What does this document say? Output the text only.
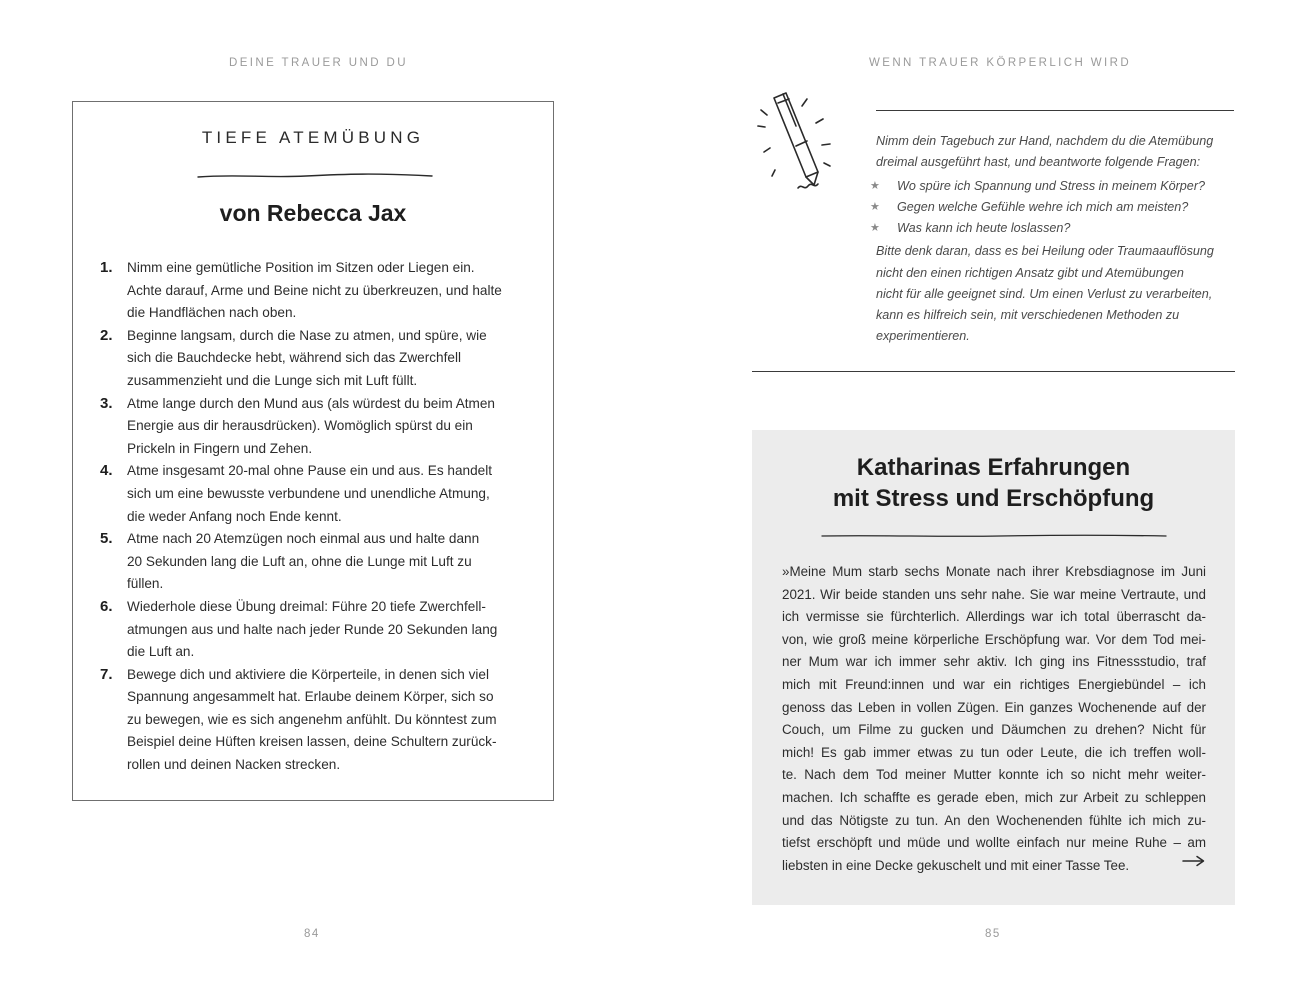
DEINE TRAUER UND DU
TIEFE ATEMÜBUNG
von Rebecca Jax
1. Nimm eine gemütliche Position im Sitzen oder Liegen ein.
Achte darauf, Arme und Beine nicht zu überkreuzen, und halte
die Handflächen nach oben.
2. Beginne langsam, durch die Nase zu atmen, und spüre, wie
sich die Bauchdecke hebt, während sich das Zwerchfell
zusammenzieht und die Lunge sich mit Luft füllt.
3. Atme lange durch den Mund aus (als würdest du beim Atmen
Energie aus dir herausdrücken). Womöglich spürst du ein
Prickeln in Fingern und Zehen.
4. Atme insgesamt 20-mal ohne Pause ein und aus. Es handelt
sich um eine bewusste verbundene und unendliche Atmung,
die weder Anfang noch Ende kennt.
5. Atme nach 20 Atemzügen noch einmal aus und halte dann
20 Sekunden lang die Luft an, ohne die Lunge mit Luft zu
füllen.
6. Wiederhole diese Übung dreimal: Führe 20 tiefe Zwerchfell-
atmungen aus und halte nach jeder Runde 20 Sekunden lang
die Luft an.
7. Bewege dich und aktiviere die Körperteile, in denen sich viel
Spannung angesammelt hat. Erlaube deinem Körper, sich so
zu bewegen, wie es sich angenehm anfühlt. Du könntest zum
Beispiel deine Hüften kreisen lassen, deine Schultern zurück-
rollen und deinen Nacken strecken.
84
WENN TRAUER KÖRPERLICH WIRD

Nimm dein Tagebuch zur Hand, nachdem du die Atemübung
dreimal ausgeführt hast, und beantworte folgende Fragen:

★ Wo spüre ich Spannung und Stress in meinem Körper?
★ Gegen welche Gefühle wehre ich mich am meisten?
★ Was kann ich heute loslassen?

Bitte denk daran, dass es bei Heilung oder Traumaauflösung
nicht den einen richtigen Ansatz gibt und Atemübungen
nicht für alle geeignet sind. Um einen Verlust zu verarbeiten,
kann es hilfreich sein, mit verschiedenen Methoden zu
experimentieren.

Katharinas Erfahrungen
mit Stress und Erschöpfung
»Meine Mum starb sechs Monate nach ihrer Krebsdiagnose im Juni
2021. Wir beide standen uns sehr nahe. Sie war meine Vertraute, und
ich vermisse sie fürchterlich. Allerdings war ich total überrascht da-
von, wie groß meine körperliche Erschöpfung war. Vor dem Tod mei-
ner Mum war ich immer sehr aktiv. Ich ging ins Fitnessstudio, traf
mich mit Freund:innen und war ein richtiges Energiebündel – ich
genoss das Leben in vollen Zügen. Ein ganzes Wochenende auf der
Couch, um Filme zu gucken und Däumchen zu drehen? Nicht für
mich! Es gab immer etwas zu tun oder Leute, die ich treffen woll-
te. Nach dem Tod meiner Mutter konnte ich so nicht mehr weiter-
machen. Ich schaffte es gerade eben, mich zur Arbeit zu schleppen
und das Nötigste zu tun. An den Wochenenden fühlte ich mich zu-
tiefst erschöpft und müde und wollte einfach nur meine Ruhe – am
liebsten in eine Decke gekuschelt und mit einer Tasse Tee.
85
